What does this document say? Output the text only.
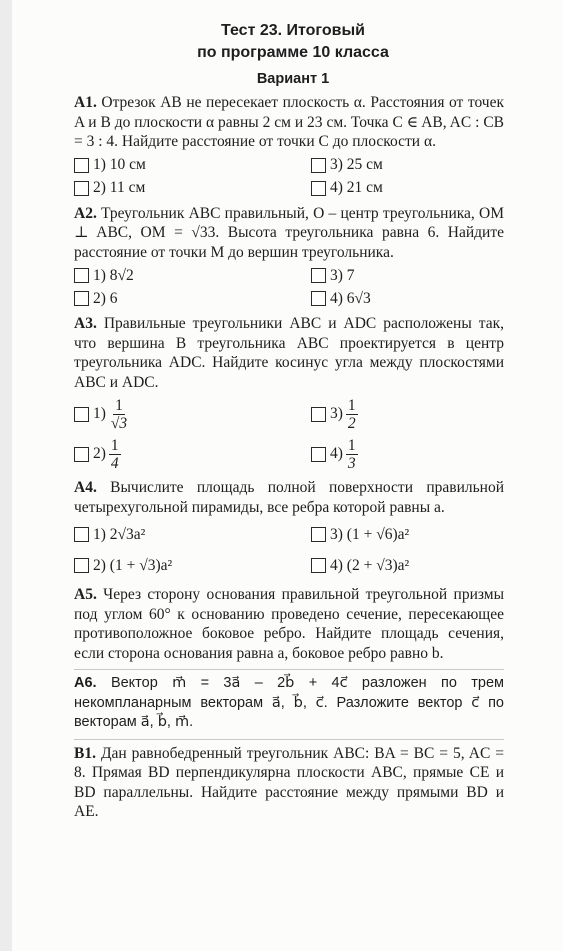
Тест 23. Итоговый
по программе 10 класса
Вариант 1

А1. Отрезок AB не пересекает плоскость α. Расстояния от точек A и B до плоскости α равны 2 см и 23 см. Точка C ∈ AB, AC : CB = 3 : 4. Найдите расстояние от точки C до плоскости α.

1) 10 см	3) 25 см
2) 11 см	4) 21 см

А2. Треугольник ABC правильный, O – центр треугольника, OM ⊥ ABC, OM = √33. Высота треугольника равна 6. Найдите расстояние от точки M до вершин треугольника.

1) 8√2	3) 7
2) 6	4) 6√3

А3. Правильные треугольники ABC и ADC расположены так, что вершина B треугольника ABC проектируется в центр треугольника ADC. Найдите косинус угла между плоскостями ABC и ADC.

$1) \frac{1}{√3}$	$3) \frac{1}{2}$
$2) \frac{1}{4}$	$4) \frac{1}{3}$

А4. Вычислите площадь полной поверхности правильной четырехугольной пирамиды, все ребра которой равны a.

1) 2√3a²	3) (1 + √6)a²
2) (1 + √3)a²	4) (2 + √3)a²

А5. Через сторону основания правильной треугольной призмы под углом 60° к основанию проведено сечение, пересекающее противоположное боковое ребро. Найдите площадь сечения, если сторона основания равна a, боковое ребро равно b.

А6. Вектор m⃗ = 3a⃗ – 2b⃗ + 4c⃗ разложен по трем некомпланарным векторам a⃗, b⃗, c⃗. Разложите вектор c⃗ по векторам a⃗, b⃗, m⃗.

В1. Дан равнобедренный треугольник ABC: BA = BC = 5, AC = 8. Прямая BD перпендикулярна плоскости ABC, прямые CE и BD параллельны. Найдите расстояние между прямыми BD и AE.
